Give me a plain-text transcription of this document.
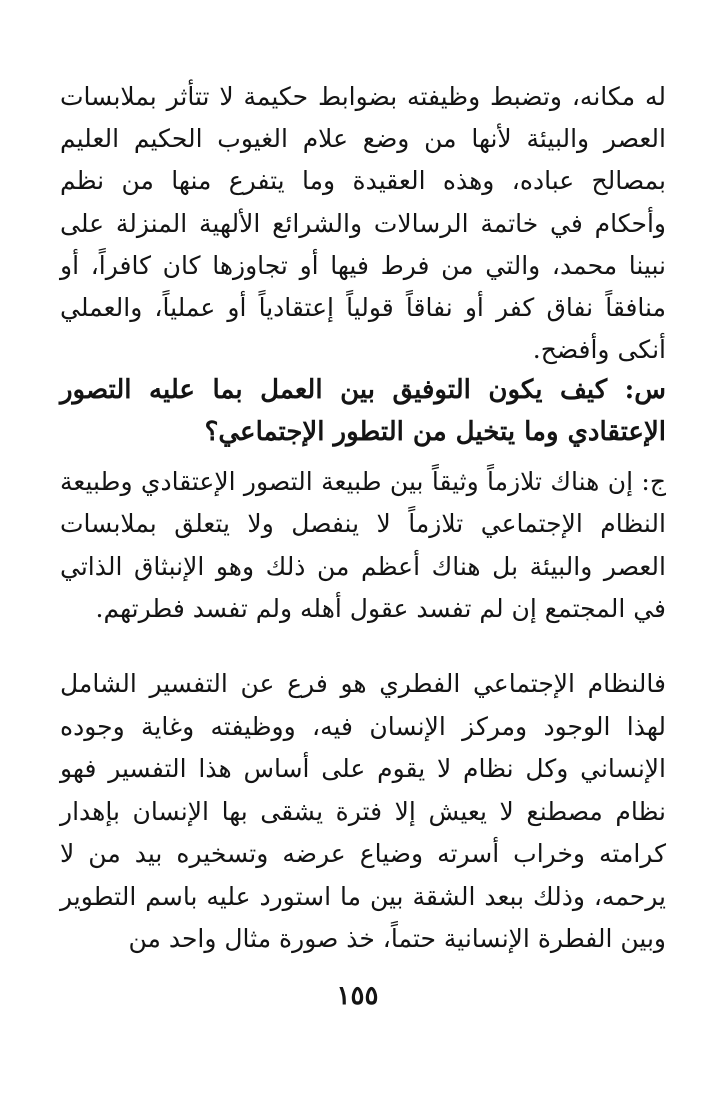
له مكانه، وتضبط وظيفته بضوابط حكيمة لا تتأثر بملابسات العصر والبيئة لأنها من وضع علام الغيوب الحكيم العليم بمصالح عباده، وهذه العقيدة وما يتفرع منها من نظم وأحكام في خاتمة الرسالات والشرائع الألهية المنزلة على نبينا محمد، والتي من فرط فيها أو تجاوزها كان كافراً، أو منافقاً نفاق كفر أو نفاقاً قولياً إعتقادياً أو عملياً، والعملي أنكى وأفضح.

س: كيف يكون التوفيق بين العمل بما عليه التصور الإعتقادي وما يتخيل من التطور الإجتماعي؟

ج: إن هناك تلازماً وثيقاً بين طبيعة التصور الإعتقادي وطبيعة النظام الإجتماعي تلازماً لا ينفصل ولا يتعلق بملابسات العصر والبيئة بل هناك أعظم من ذلك وهو الإنبثاق الذاتي في المجتمع إن لم تفسد عقول أهله ولم تفسد فطرتهم.

فالنظام الإجتماعي الفطري هو فرع عن التفسير الشامل لهذا الوجود ومركز الإنسان فيه، ووظيفته وغاية وجوده الإنساني وكل نظام لا يقوم على أساس هذا التفسير فهو نظام مصطنع لا يعيش إلا فترة يشقى بها الإنسان بإهدار كرامته وخراب أسرته وضياع عرضه وتسخيره بيد من لا يرحمه، وذلك ببعد الشقة بين ما استورد عليه باسم التطوير وبين الفطرة الإنسانية حتماً، خذ صورة مثال واحد من

١٥٥
